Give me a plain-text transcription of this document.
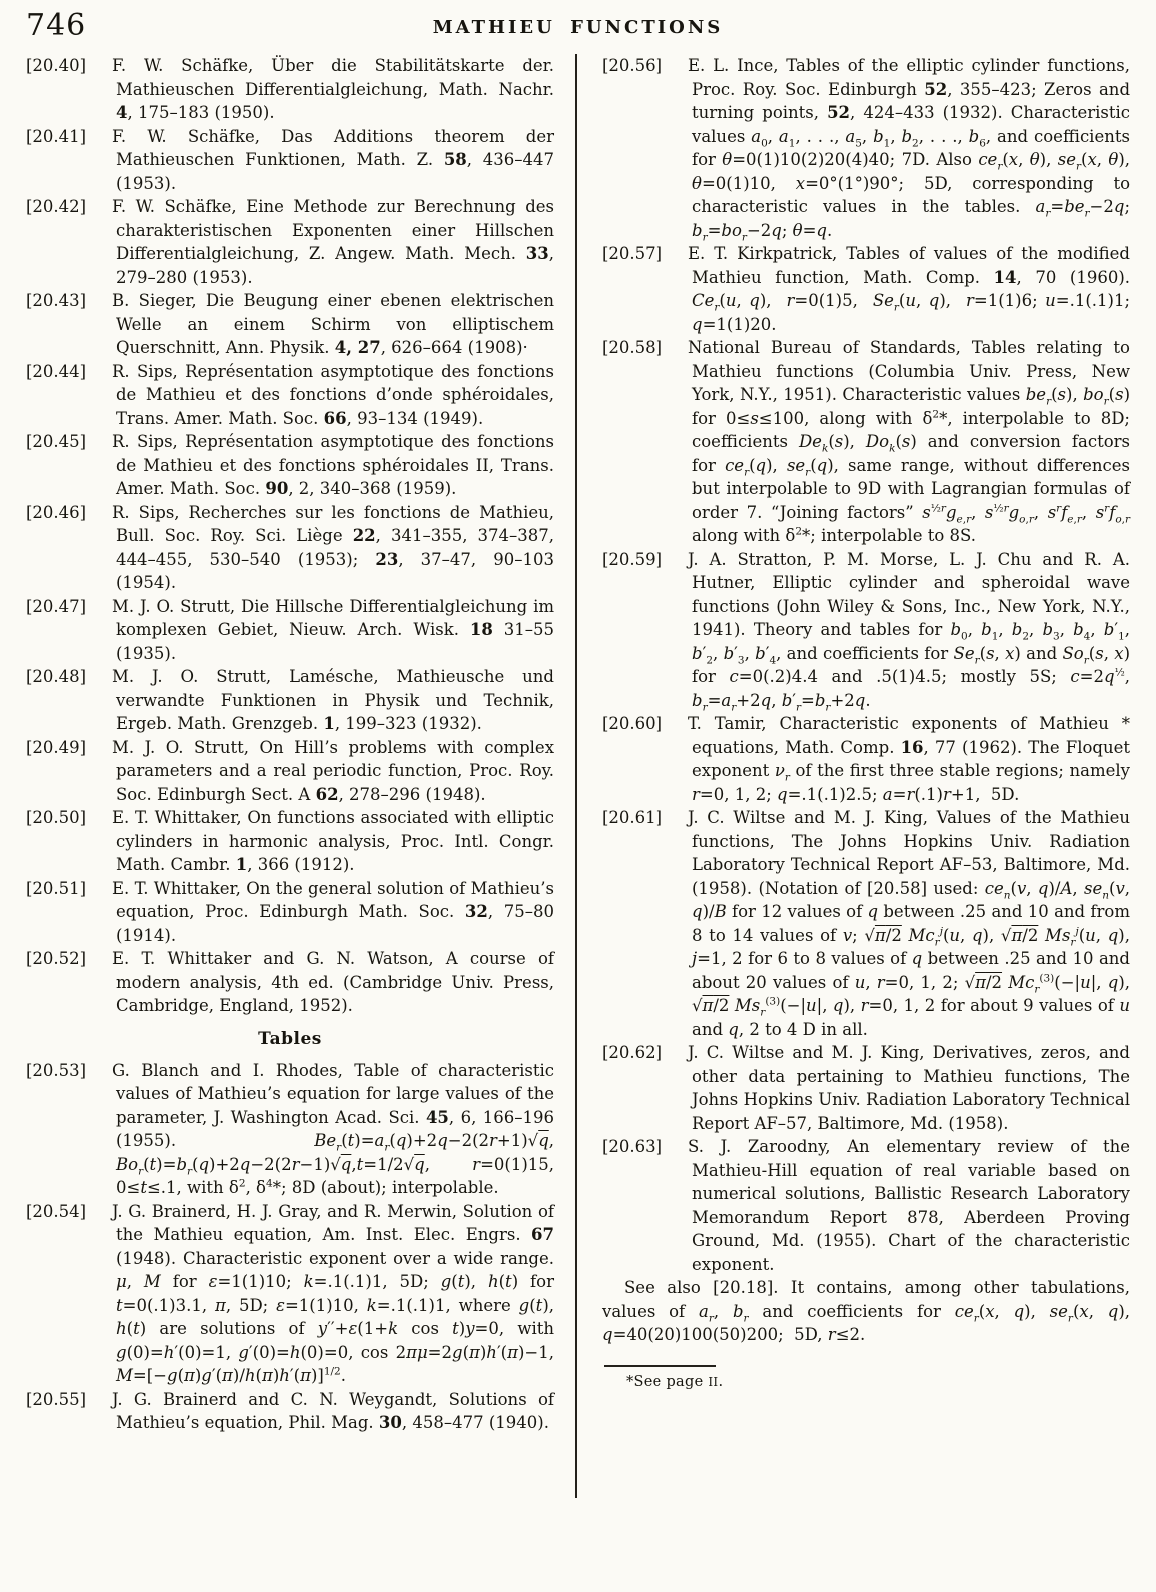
746	MATHIEU FUNCTIONS

[20.40] F. W. Schäfke, Über die Stabilitätskarte der. Mathieuschen Differentialgleichung, Math. Nachr. 4, 175–183 (1950).

[20.41] F. W. Schäfke, Das Additions theorem der Mathieuschen Funktionen, Math. Z. 58, 436–447 (1953).

[20.42] F. W. Schäfke, Eine Methode zur Berechnung des charakteristischen Exponenten einer Hillschen Differentialgleichung, Z. Angew. Math. Mech. 33, 279–280 (1953).

[20.43] B. Sieger, Die Beugung einer ebenen elektrischen Welle an einem Schirm von elliptischem Querschnitt, Ann. Physik. 4, 27, 626–664 (1908)·

[20.44] R. Sips, Représentation asymptotique des fonctions de Mathieu et des fonctions d’onde sphéroidales, Trans. Amer. Math. Soc. 66, 93–134 (1949).

[20.45] R. Sips, Représentation asymptotique des fonctions de Mathieu et des fonctions sphéroidales II, Trans. Amer. Math. Soc. 90, 2, 340–368 (1959).

[20.46] R. Sips, Recherches sur les fonctions de Mathieu, Bull. Soc. Roy. Sci. Liège 22, 341–355, 374–387, 444–455, 530–540 (1953); 23, 37–47, 90–103 (1954).

[20.47] M. J. O. Strutt, Die Hillsche Differentialgleichung im komplexen Gebiet, Nieuw. Arch. Wisk. 18 31–55 (1935).

[20.48] M. J. O. Strutt, Lamésche, Mathieusche und verwandte Funktionen in Physik und Technik, Ergeb. Math. Grenzgeb. 1, 199–323 (1932).

[20.49] M. J. O. Strutt, On Hill’s problems with complex parameters and a real periodic function, Proc. Roy. Soc. Edinburgh Sect. A 62, 278–296 (1948).

[20.50] E. T. Whittaker, On functions associated with elliptic cylinders in harmonic analysis, Proc. Intl. Congr. Math. Cambr. 1, 366 (1912).

[20.51] E. T. Whittaker, On the general solution of Mathieu’s equation, Proc. Edinburgh Math. Soc. 32, 75–80 (1914).

[20.52] E. T. Whittaker and G. N. Watson, A course of modern analysis, 4th ed. (Cambridge Univ. Press, Cambridge, England, 1952).

Tables

[20.53] G. Blanch and I. Rhodes, Table of characteristic values of Mathieu’s equation for large values of the parameter, J. Washington Acad. Sci. 45, 6, 166–196 (1955). $Be_r(t)=a_r(q)+2q-2(2r+1)√q$, $Bo_r(t)=b_r(q)+2q-2(2r-1)√q,t=1/2√q$, r=0(1)15, 0≤t≤.1, with $\delta^2$, $\delta^4*$; 8D (about); interpolable.

[20.54] J. G. Brainerd, H. J. Gray, and R. Merwin, Solution of the Mathieu equation, Am. Inst. Elec. Engrs. 67 (1948). Characteristic exponent over a wide range. μ, M for ε=1(1)10; k=.1(.1)1, 5D; g(t), h(t) for t=0(.1)3.1, π, 5D; ε=1(1)10, k=.1(.1)1, where g(t), h(t) are solutions of y′′+ε(1+k cos t)y=0, with g(0)=h′(0)=1, g′(0)=h(0)=0, cos 2πμ=2g(π)h′(π)−1, $M=[-g(\pi)g'(\pi)/h(\pi)h'(\pi)]^{1/2}$.

[20.55] J. G. Brainerd and C. N. Weygandt, Solutions of Mathieu’s equation, Phil. Mag. 30, 458–477 (1940).

[20.56] E. L. Ince, Tables of the elliptic cylinder functions, Proc. Roy. Soc. Edinburgh 52, 355–423; Zeros and turning points, 52, 424–433 (1932). Characteristic values $a_0$, $a_1$, . . ., $a_5$, $b_1$, $b_2$, . . ., $b_6$, and coefficients for θ=0(1)10(2)20(4)40; 7D. Also $ce_r(x$, θ), $se_r(x$, θ), θ=0(1)10, x=0°(1°)90°; 5D, corresponding to characteristic values in the tables. $a_r=be_r-2q$; $b_r=bo_r-2q$; θ=q.

[20.57] E. T. Kirkpatrick, Tables of values of the modified Mathieu function, Math. Comp. 14, 70 (1960). $Ce_r(u$, q),  r=0(1)5,  $Se_r(u$, q),  r=1(1)6; u=.1(.1)1; q=1(1)20.

[20.58] National Bureau of Standards, Tables relating to Mathieu functions (Columbia Univ. Press, New York, N.Y., 1951). Characteristic values $be_r(s)$, $bo_r(s)$ for 0≤s≤100, along with $\delta^2*$, interpolable to 8D; coefficients $De_k(s)$, $Do_k(s)$ and conversion factors for $ce_r(q)$, $se_r(q)$, same range, without differences but interpolable to 9D with Lagrangian formulas of order 7. “Joining factors” $s^{\frac{1}{2}r}g_{e,r}$, $s^{\frac{1}{2}r}g_{o,r}$, $s^rf_{e,r}$, $s^rf_{o,r}$ along with $\delta^2*$; interpolable to 8S.

[20.59] J. A. Stratton, P. M. Morse, L. J. Chu and R. A. Hutner, Elliptic cylinder and spheroidal wave functions (John Wiley & Sons, Inc., New York, N.Y., 1941). Theory and tables for $b_0$, $b_1$, $b_2$, $b_3$, $b_4$, $b'_1$, $b'_2$, $b'_3$, $b'_4$, and coefficients for $Se_r(s$, x) and $So_r(s$, x) for c=0(.2)4.4 and .5(1)4.5; mostly 5S; $c=2q^{\frac{1}{2}}$, $b_r=a_r+2q$, $b'_r=b_r+2q$.

[20.60] T. Tamir, Characteristic exponents of Mathieu * equations, Math. Comp. 16, 77 (1962). The Floquet exponent $\nu_r$ of the first three stable regions; namely r=0, 1, 2; q=.1(.1)2.5; a=r(.1)r+1,  5D.

[20.61] J. C. Wiltse and M. J. King, Values of the Mathieu functions, The Johns Hopkins Univ. Radiation Laboratory Technical Report AF–53, Baltimore, Md. (1958). (Notation of [20.58] used: $ce_n(v$, q)/A, $se_n(v$, q)/B for 12 values of q between .25 and 10 and from 8 to 14 values of v; √π/2 $Mc_r^j(u$, q), √π/2 $Ms_r^j(u$, q), j=1, 2 for 6 to 8 values of q between .25 and 10 and about 20 values of u, r=0, 1, 2; √π/2 $Mc_r^{(3)}(-|u|$, q), √π/2 $Ms_r^{(3)}(-|u|$, q), r=0, 1, 2 for about 9 values of u and q, 2 to 4 D in all.

[20.62] J. C. Wiltse and M. J. King, Derivatives, zeros, and other data pertaining to Mathieu functions, The Johns Hopkins Univ. Radiation Laboratory Technical Report AF–57, Baltimore, Md. (1958).

[20.63] S. J. Zaroodny, An elementary review of the Mathieu-Hill equation of real variable based on numerical solutions, Ballistic Research Laboratory Memorandum Report 878, Aberdeen Proving Ground, Md. (1955). Chart of the characteristic exponent.

See also [20.18]. It contains, among other tabulations, values of $a_r$, $b_r$ and coefficients for $ce_r(x$, q), $se_r(x$, q), q=40(20)100(50)200;  5D, r≤2.

*See page II.
